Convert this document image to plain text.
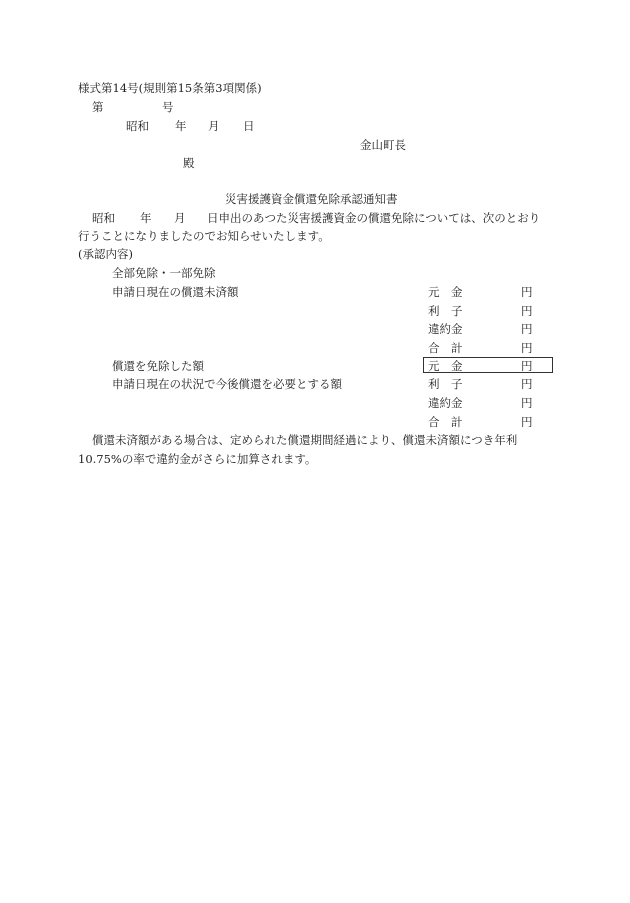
様式第14号(規則第15条第3項関係)
第	号
昭和 年 月 日
金山町長
殿
災害援護資金償還免除承認通知書
昭和 年 月 日申出のあつた災害援護資金の償還免除については、次のとおり
行うことになりましたのでお知らせいたします。
(承認内容)
全部免除・一部免除
申請日現在の償還未済額	元　金	円
利　子	円
違約金	円
合　計	円
償還を免除した額	元　金	円
申請日現在の状況で今後償還を必要とする額	利　子	円
違約金	円
合　計	円
償還未済額がある場合は、定められた償還期間経過により、償還未済額につき年利
10.75%の率で違約金がさらに加算されます。
